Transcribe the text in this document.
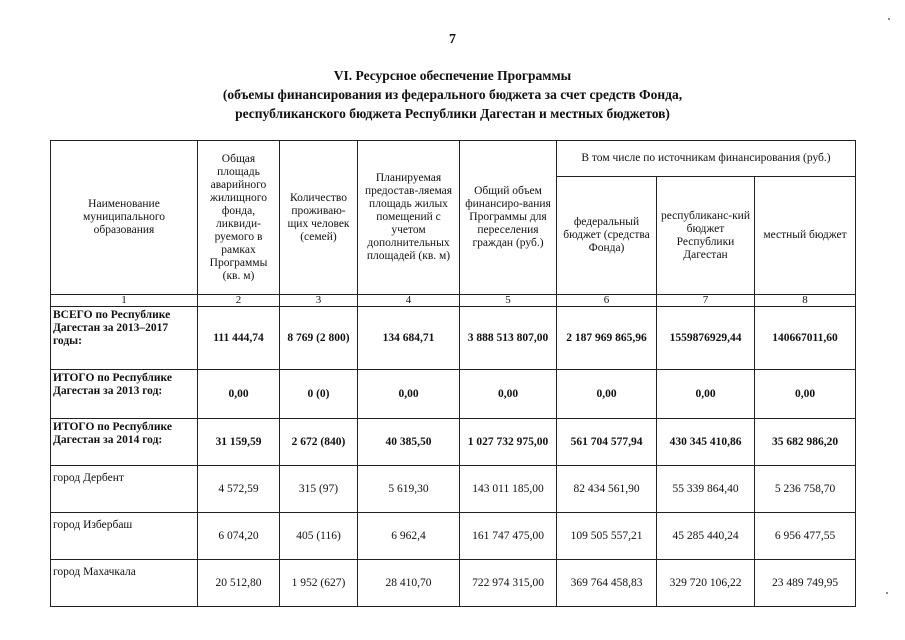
7
VI. Ресурсное обеспечение Программы
(объемы финансирования из федерального бюджета за счет средств Фонда,
республиканского бюджета Республики Дагестан и местных бюджетов)
Наименование муниципального образования	Общая площадь аварийного жилищного фонда, ликвиди-руемого в рамках Программы (кв. м)	Количество проживаю-щих человек (семей)	Планируемая предостав-ляемая площадь жилых помещений с учетом дополнительных площадей (кв. м)	Общий объем финансиро-вания Программы для переселения граждан (руб.)	В том числе по источникам финансирования (руб.)		
					федеральный бюджет (средства Фонда)	республиканс-кий бюджет Республики Дагестан	местный бюджет
1	2	3	4	5	6	7	8
ВСЕГО по Республике Дагестан за 2013–2017 годы:	111 444,74	8 769 (2 800)	134 684,71	3 888 513 807,00	2 187 969 865,96	1559876929,44	140667011,60
ИТОГО по Республике Дагестан за 2013 год:	0,00	0 (0)	0,00	0,00	0,00	0,00	0,00
ИТОГО по Республике Дагестан за 2014 год:	31 159,59	2 672 (840)	40 385,50	1 027 732 975,00	561 704 577,94	430 345 410,86	35 682 986,20
город Дербент	4 572,59	315 (97)	5 619,30	143 011 185,00	82 434 561,90	55 339 864,40	5 236 758,70
город Избербаш	6 074,20	405 (116)	6 962,4	161 747 475,00	109 505 557,21	45 285 440,24	6 956 477,55
город Махачкала	20 512,80	1 952 (627)	28 410,70	722 974 315,00	369 764 458,83	329 720 106,22	23 489 749,95
